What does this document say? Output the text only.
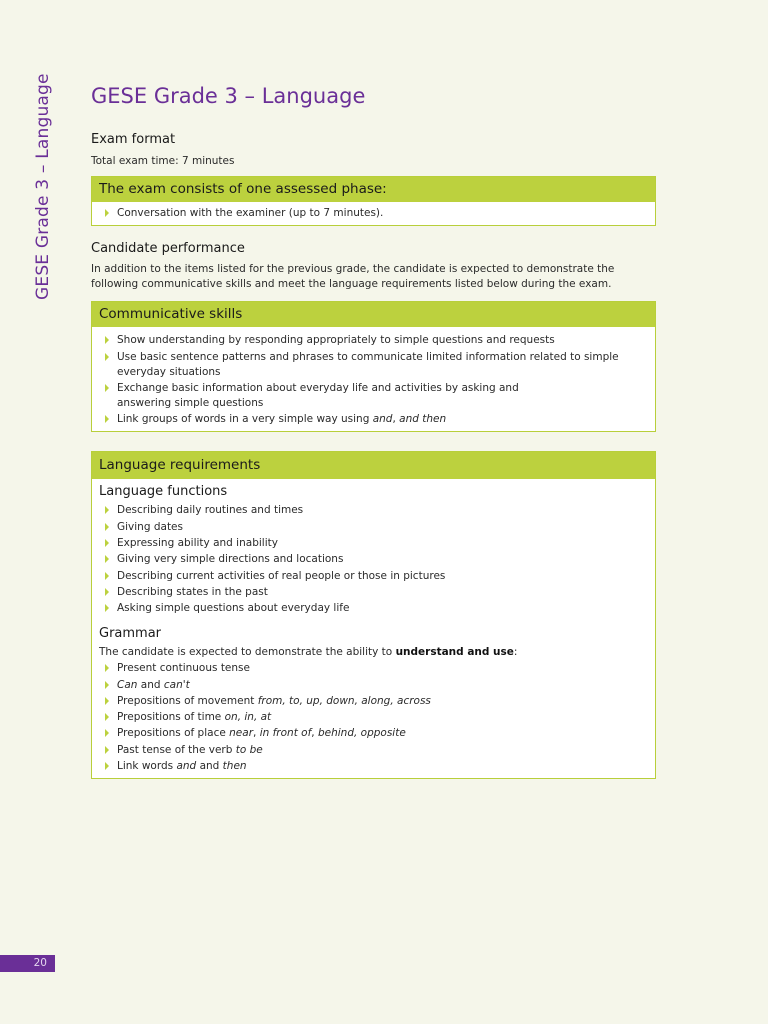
GESE Grade 3 – Language GESE Grade 3 – Language
Exam format
Total exam time: 7 minutes
The exam consists of one assessed phase:
Conversation with the examiner (up to 7 minutes).
Candidate performance
In addition to the items listed for the previous grade, the candidate is expected to demonstrate the following communicative skills and meet the language requirements listed below during the exam.
Communicative skills
Show understanding by responding appropriately to simple questions and requests
Use basic sentence patterns and phrases to communicate limited information related to simple everyday situations
Exchange basic information about everyday life and activities by asking and answering simple questions
Link groups of words in a very simple way using and, and then
Language requirements
Language functions
Describing daily routines and times
Giving dates
Expressing ability and inability
Giving very simple directions and locations
Describing current activities of real people or those in pictures
Describing states in the past
Asking simple questions about everyday life
Grammar
The candidate is expected to demonstrate the ability to understand and use:
Present continuous tense
Can and can't
Prepositions of movement from, to, up, down, along, across
Prepositions of time on, in, at
Prepositions of place near, in front of, behind, opposite
Past tense of the verb to be
Link words and and then
20
